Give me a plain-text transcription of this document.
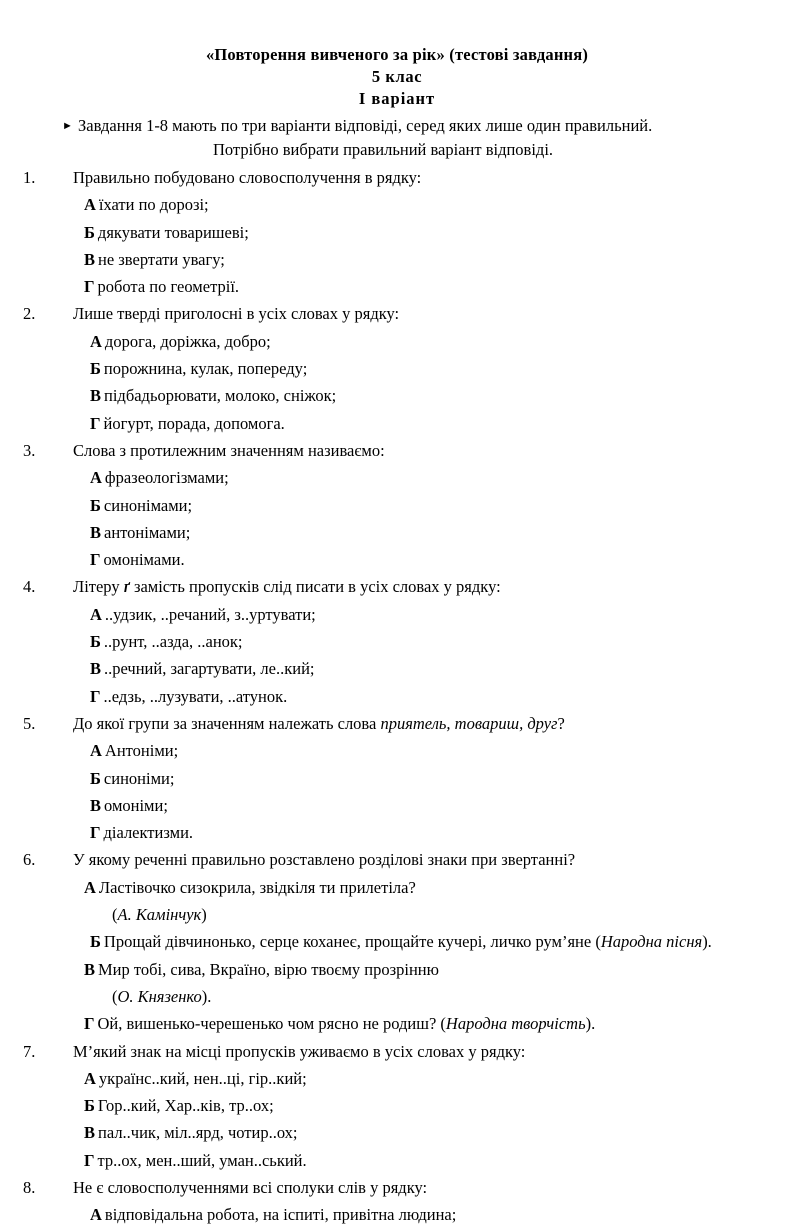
«Повторення вивченого за рік» (тестові завдання)
5 клас
I варіант
► Завдання 1-8 мають по три варіанти відповіді, серед яких лише один правильний.
Потрібно вибрати правильний варіант відповіді.
1. Правильно побудовано словосполучення в рядку:
А їхати по дорозі;
Б дякувати товаришеві;
В не звертати увагу;
Г робота по геометрії.
2. Лише тверді приголосні в усіх словах у рядку:
А дорога, доріжка, добро;
Б порожнина, кулак, попереду;
В підбадьорювати, молоко, сніжок;
Г йогурт, порада, допомога.
3. Слова з протилежним значенням називаємо:
А фразеологізмами;
Б синонімами;
В антонімами;
Г омонімами.
4. Літеру ґ замість пропусків слід писати в усіх словах у рядку:
А ..удзик, ..речаний, з..уртувати;
Б ..рунт, ..азда, ..анок;
В ..речний, загартувати, ле..кий;
Г ..едзь, ..лузувати, ..атунок.
5. До якої групи за значенням належать слова приятель, товариш, друг?
А Антоніми;
Б синоніми;
В омоніми;
Г діалектизми.
6. У якому реченні правильно розставлено розділові знаки при звертанні?
А Ластівочко сизокрила, звідкіля ти прилетіла?
(А. Камінчук)
Б Прощай дівчинонько, серце коханеє, прощайте кучері, личко рум’яне (Народна пісня).
В Мир тобі, сива, Вкраїно, вірю твоєму прозрінню
(О. Князенко).
Г Ой, вишенько-черешенько чом рясно не родиш? (Народна творчість).
7. М’який знак на місці пропусків уживаємо в усіх словах у рядку:
А українс..кий, нен..ці, гір..кий;
Б Гор..кий, Хар..ків, тр..ох;
В пал..чик, міл..ярд, чотир..ох;
Г тр..ох, мен..ший, уман..ський.
8. Не є словосполученнями всі сполуки слів у рядку:
А відповідальна робота, на іспиті, привітна людина;
